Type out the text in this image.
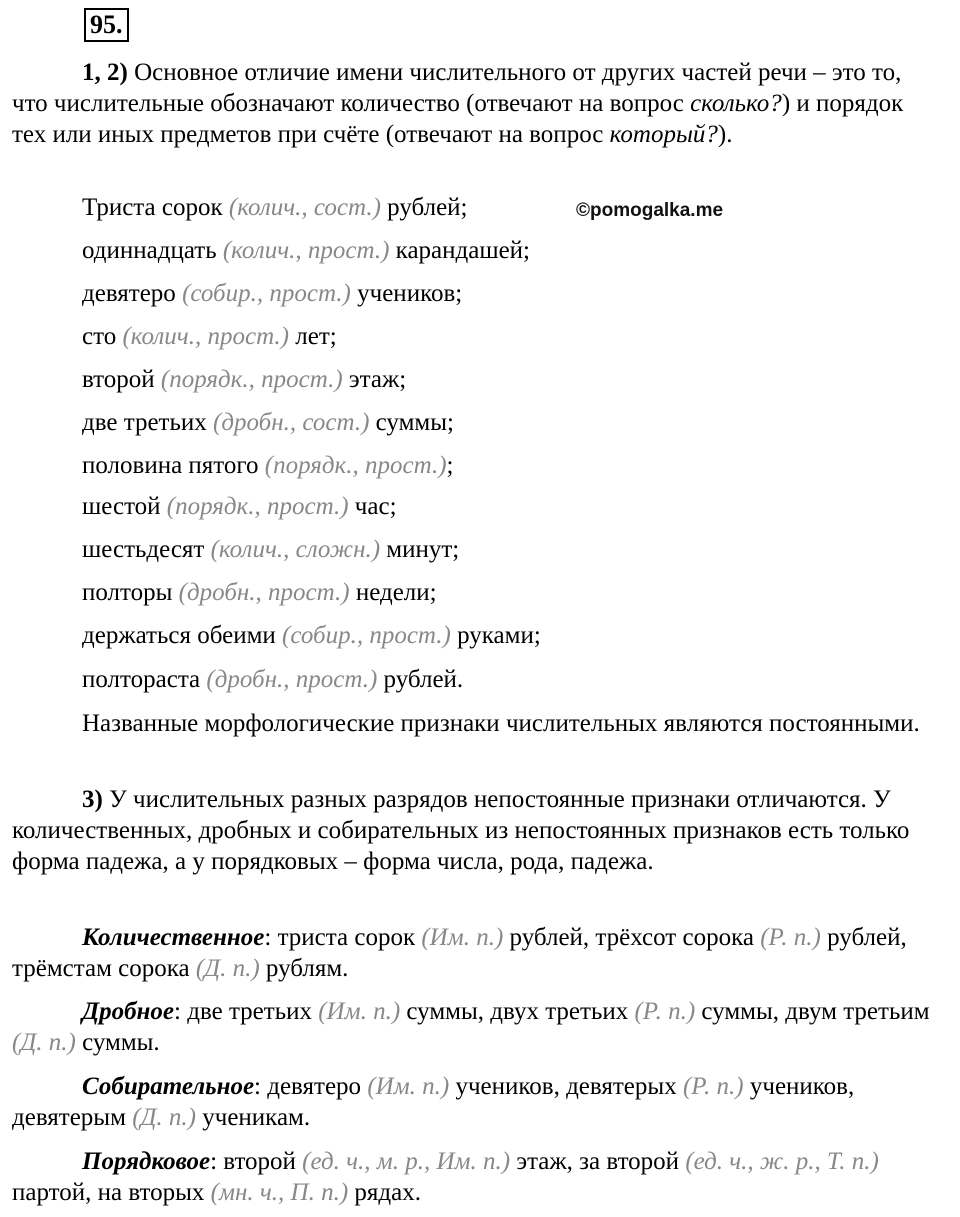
95.
©pomogalka.me

1, 2) Основное отличие имени числительного от других частей речи – это то, что числительные обозначают количество (отвечают на вопрос сколько?) и порядок тех или иных предметов при счёте (отвечают на вопрос который?).

Триста сорок (колич., сост.) рублей;
одиннадцать (колич., прост.) карандашей;
девятеро (собир., прост.) учеников;
сто (колич., прост.) лет;
второй (порядк., прост.) этаж;
две третьих (дробн., сост.) суммы;
половина пятого (порядк., прост.);
шестой (порядк., прост.) час;
шестьдесят (колич., сложн.) минут;
полторы (дробн., прост.) недели;
держаться обеими (собир., прост.) руками;
полтораста (дробн., прост.) рублей.

Названные морфологические признаки числительных являются постоянными.

3) У числительных разных разрядов непостоянные признаки отличаются. У количественных, дробных и собирательных из непостоянных признаков есть только форма падежа, а у порядковых – форма числа, рода, падежа.

Количественное: триста сорок (Им. п.) рублей, трёхсот сорока (Р. п.) рублей, трёмстам сорока (Д. п.) рублям.

Дробное: две третьих (Им. п.) суммы, двух третьих (Р. п.) суммы, двум третьим (Д. п.) суммы.

Собирательное: девятеро (Им. п.) учеников, девятерых (Р. п.) учеников, девятерым (Д. п.) ученикам.

Порядковое: второй (ед. ч., м. р., Им. п.) этаж, за второй (ед. ч., ж. р., Т. п.) партой, на вторых (мн. ч., П. п.) рядах.
